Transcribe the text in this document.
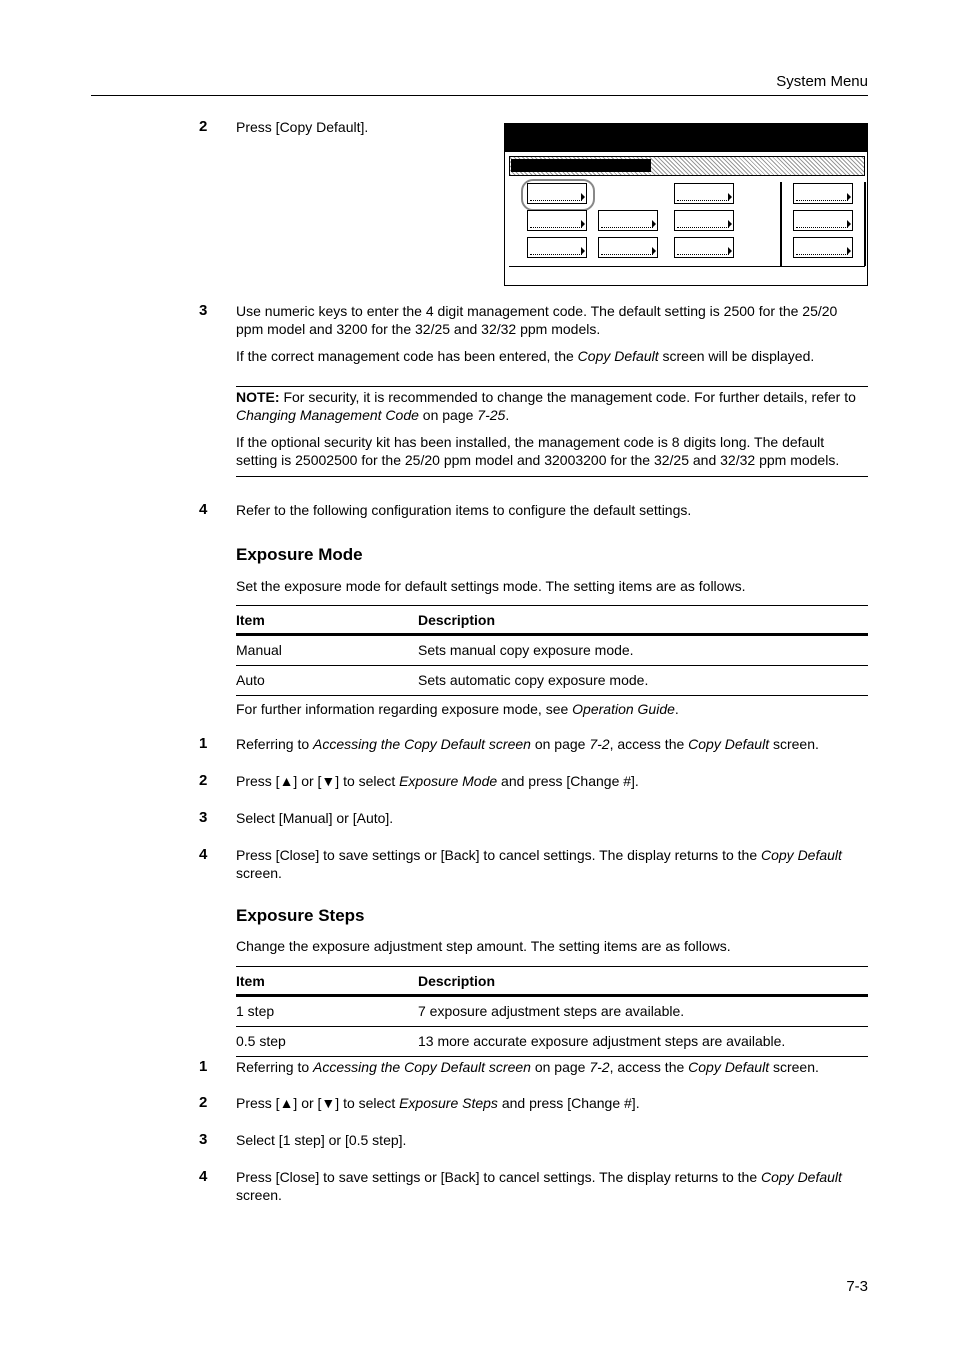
System Menu
2 Press [Copy Default].
3 Use numeric keys to enter the 4 digit management code. The default setting is 2500 for the 25/20 ppm model and 3200 for the 32/25 and 32/32 ppm models.
If the correct management code has been entered, the Copy Default screen will be displayed.
NOTE: For security, it is recommended to change the management code. For further details, refer to Changing Management Code on page 7-25.
If the optional security kit has been installed, the management code is 8 digits long. The default setting is 25002500 for the 25/20 ppm model and 32003200 for the 32/25 and 32/32 ppm models.
4 Refer to the following configuration items to configure the default settings.
Exposure Mode
Set the exposure mode for default settings mode. The setting items are as follows.
Item	Description
Manual	Sets manual copy exposure mode.
Auto	Sets automatic copy exposure mode.
For further information regarding exposure mode, see Operation Guide.
1 Referring to Accessing the Copy Default screen on page 7-2, access the Copy Default screen.
2 Press [▲] or [▼] to select Exposure Mode and press [Change #].
3 Select [Manual] or [Auto].
4 Press [Close] to save settings or [Back] to cancel settings. The display returns to the Copy Default screen.
Exposure Steps
Change the exposure adjustment step amount. The setting items are as follows.
Item	Description
1 step	7 exposure adjustment steps are available.
0.5 step	13 more accurate exposure adjustment steps are available.
1 Referring to Accessing the Copy Default screen on page 7-2, access the Copy Default screen.
2 Press [▲] or [▼] to select Exposure Steps and press [Change #].
3 Select [1 step] or [0.5 step].
4 Press [Close] to save settings or [Back] to cancel settings. The display returns to the Copy Default screen.
7-3
